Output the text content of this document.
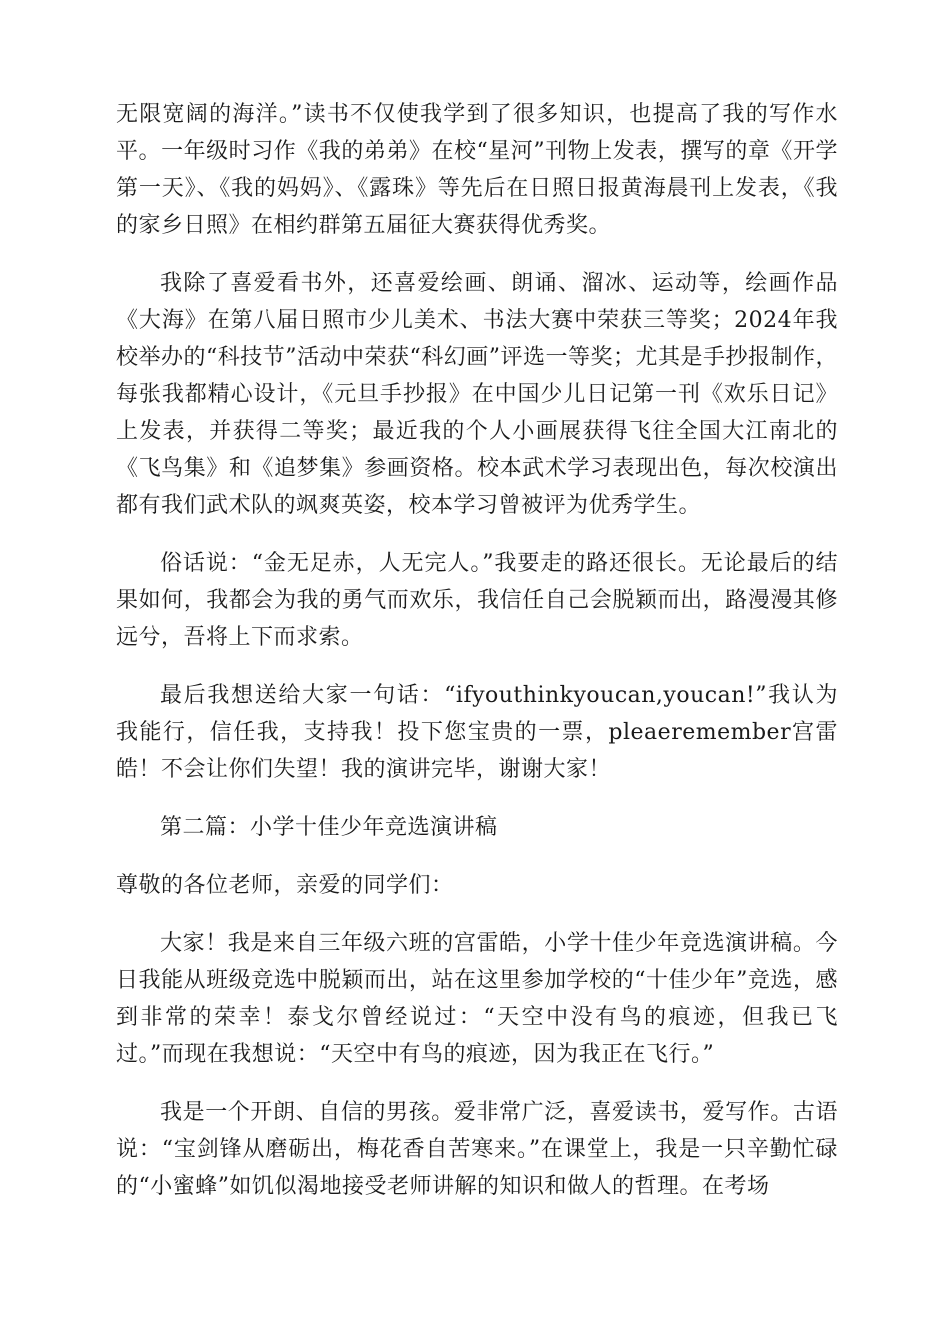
无限宽阔的海洋。”读书不仅使我学到了很多知识，也提高了我的写作水平。一年级时习作《我的弟弟》在校“星河”刊物上发表，撰写的章《开学第一天》、《我的妈妈》、《露珠》等先后在日照日报黄海晨刊上发表，《我的家乡日照》在相约群第五届征大赛获得优秀奖。

我除了喜爱看书外，还喜爱绘画、朗诵、溜冰、运动等，绘画作品《大海》在第八届日照市少儿美术、书法大赛中荣获三等奖；2024年我校举办的“科技节”活动中荣获“科幻画”评选一等奖；尤其是手抄报制作，每张我都精心设计，《元旦手抄报》在中国少儿日记第一刊《欢乐日记》上发表，并获得二等奖；最近我的个人小画展获得飞往全国大江南北的《飞鸟集》和《追梦集》参画资格。校本武术学习表现出色，每次校演出都有我们武术队的飒爽英姿，校本学习曾被评为优秀学生。

俗话说：“金无足赤，人无完人。”我要走的路还很长。无论最后的结果如何，我都会为我的勇气而欢乐，我信任自己会脱颖而出，路漫漫其修远兮，吾将上下而求索。

最后我想送给大家一句话：“ifyouthinkyoucan,youcan!”我认为我能行，信任我，支持我！投下您宝贵的一票，pleaeremember宫雷皓！不会让你们失望！我的演讲完毕，谢谢大家！

第二篇：小学十佳少年竞选演讲稿

尊敬的各位老师，亲爱的同学们：

大家！我是来自三年级六班的宫雷皓，小学十佳少年竞选演讲稿。今日我能从班级竞选中脱颖而出，站在这里参加学校的“十佳少年”竞选，感到非常的荣幸！泰戈尔曾经说过：“天空中没有鸟的痕迹，但我已飞过。”而现在我想说：“天空中有鸟的痕迹，因为我正在飞行。”

我是一个开朗、自信的男孩。爱非常广泛，喜爱读书，爱写作。古语说：“宝剑锋从磨砺出，梅花香自苦寒来。”在课堂上，我是一只辛勤忙碌的“小蜜蜂”如饥似渴地接受老师讲解的知识和做人的哲理。在考场
